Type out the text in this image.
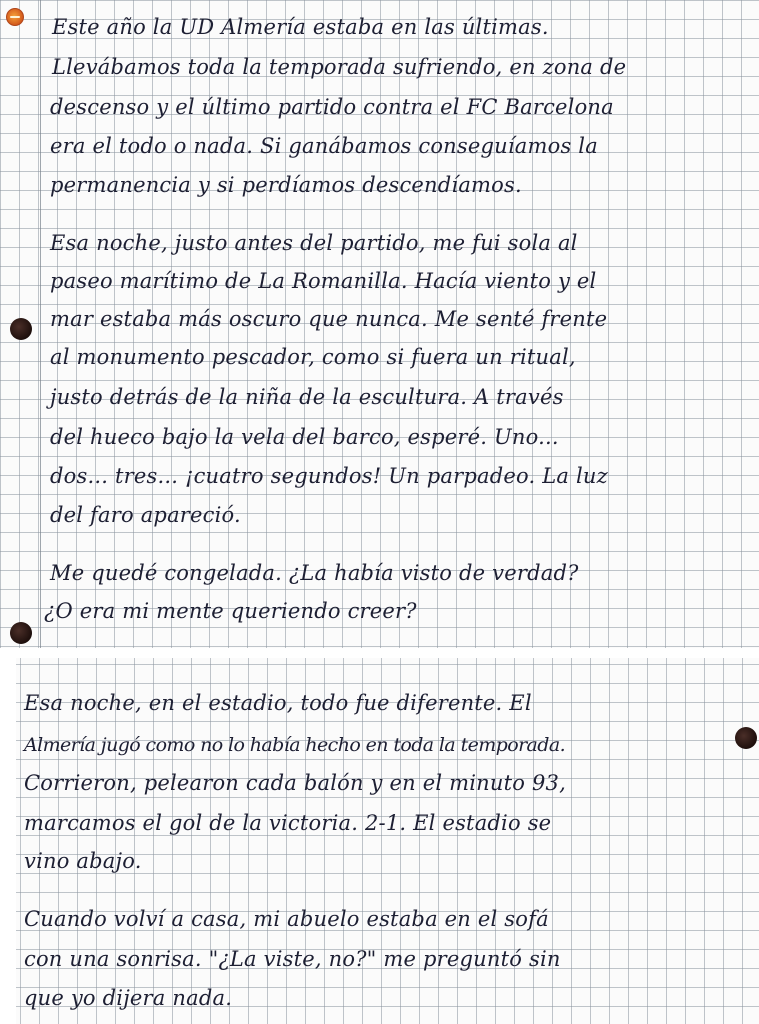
Este año la UD Almería estaba en las últimas.

Llevábamos toda la temporada sufriendo, en zona de

descenso y el último partido contra el FC Barcelona

era el todo o nada. Si ganábamos conseguíamos la

permanencia y si perdíamos descendíamos.

Esa noche, justo antes del partido, me fui sola al

paseo marítimo de La Romanilla. Hacía viento y el

mar estaba más oscuro que nunca. Me senté frente

al monumento pescador, como si fuera un ritual,

justo detrás de la niña de la escultura. A través

del hueco bajo la vela del barco, esperé. Uno...

dos... tres... ¡cuatro segundos! Un parpadeo. La luz

del faro apareció.

Me quedé congelada. ¿La había visto de verdad?

¿O era mi mente queriendo creer?

Esa noche, en el estadio, todo fue diferente. El

Almería jugó como no lo había hecho en toda la temporada.

Corrieron, pelearon cada balón y en el minuto 93,

marcamos el gol de la victoria. 2-1. El estadio se

vino abajo.

Cuando volví a casa, mi abuelo estaba en el sofá

con una sonrisa. "¿La viste, no?" me preguntó sin

que yo dijera nada.
